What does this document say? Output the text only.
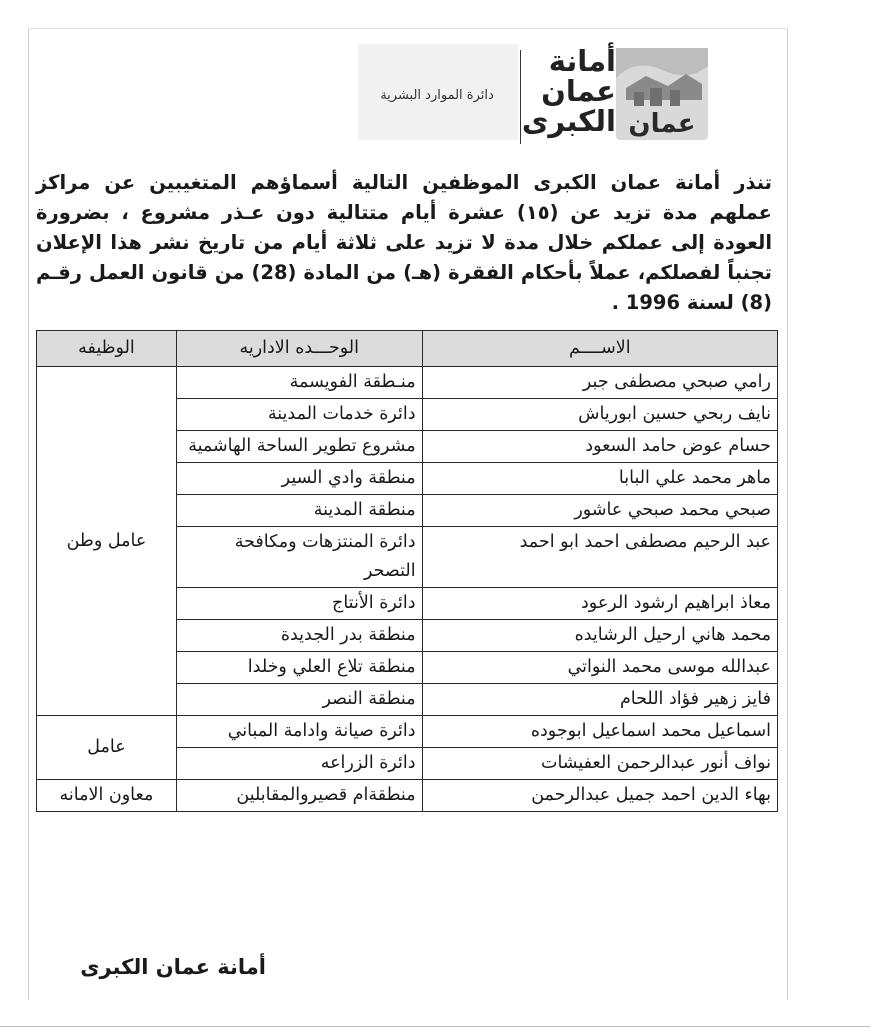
دائرة الموارد البشرية
أمانة
عمان
الكبرى عمان
تنذر أمانة عمان الكبرى الموظفين التالية أسماؤهم المتغيبين عن مراكز عملهم مدة تزيد عن (١٥) عشرة أيام متتالية دون عـذر مشروع ، بضرورة العودة إلى عملكم خلال مدة لا تزيد على ثلاثة أيام من تاريخ نشر هذا الإعلان تجنباً لفصلكم، عملاً بأحكام الفقرة (هـ) من المادة (28) من قانون العمل رقـم (8) لسنة 1996 .
الاســــم	الوحـــده الاداريه	الوظيفه
رامي صبحي مصطفى جبر	منـطقة الفويسمة	عامل وطن
نايف ربحي حسين ابورياش	دائرة خدمات المدينة	
حسام عوض حامد السعود	مشروع تطوير الساحة الهاشمية	
ماهر محمد علي البابا	منطقة وادي السير	
صبحي محمد صبحي عاشور	منطقة المدينة	
عبد الرحيم مصطفى احمد ابو احمد	دائرة المنتزهات ومكافحة التصحر	
معاذ ابراهيم ارشود الرعود	دائرة الأنتاج	
محمد هاني ارحيل الرشايده	منطقة بدر الجديدة	
عبدالله موسى محمد النواتي	منطقة تلاع العلي وخلدا	
فايز زهير فؤاد اللحام	منطقة النصر	
اسماعيل محمد اسماعيل ابوجوده	دائرة صيانة وادامة المباني	عامل
نواف أنور عبدالرحمن العفيشات	دائرة الزراعه	
بهاء الدين احمد جميل عبدالرحمن	منطقةام قصيروالمقابلين	معاون الامانه
أمانة عمان الكبرى
